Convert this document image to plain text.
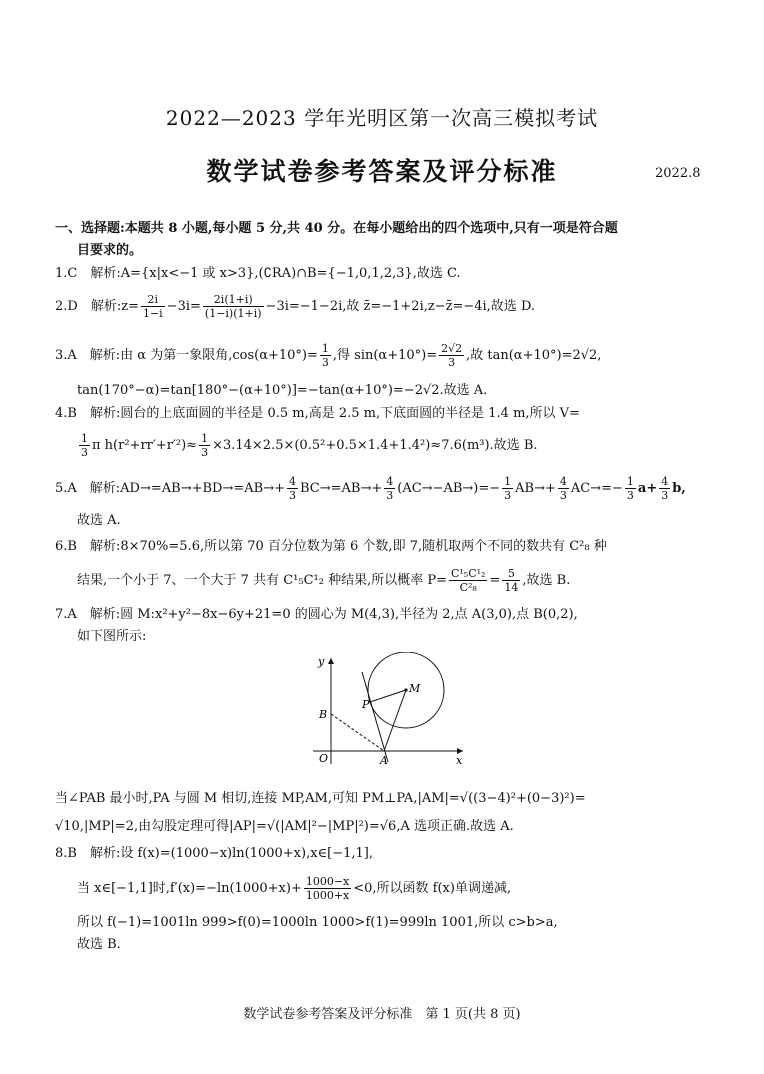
2022—2023 学年光明区第一次高三模拟考试
数学试卷参考答案及评分标准	2022.8
一、选择题:本题共 8 小题,每小题 5 分,共 40 分。在每小题给出的四个选项中,只有一项是符合题
目要求的。
1.C　解析:A={x|x<−1 或 x>3},(∁RA)∩B={−1,0,1,2,3},故选 C.
2.D　解析:z= $\frac{2i}{1-i} -3i= \frac{2i(1+i)}{(1-i)(1+i)} -3i=-1-2i$,故 z̄=−1+2i,z−z̄=−4i,故选 D.
3.A　解析:由 α 为第一象限角$,\cos(\alpha+10^\circ)= \frac{1}{3}$ ,得 $\sin(\alpha+10^\circ)= \frac{2√2}{3}$ ,故 tan(α+10°)=2√2,
tan(170°−α)=tan[180°−(α+10°)]=−tan(α+10°)=−2√2.故选 A.
4.B　解析:圆台的上底面圆的半径是 0.5 m,高是 2.5 m,下底面圆的半径是 1.4 m,所以 V=
$\frac{1}{3}$ π $h(r^2+rr'+r'^2)\approx \frac{1}{3} \times 3.14\times 2.5\times(0.5^2+0.5\times 1.4+1.4^2)\approx 7.6(m^3)$.故选 B.
5.A　解析:AD→=AB→+BD→=AB→+ $\frac{4}{3} BC\to=AB\to+ \frac{4}{3} (AC\to-AB\to)=- \frac{1}{3} AB\to+ \frac{4}{3} AC\to=- \frac{1}{3} a+ \frac{4}{3} b$,
故选 A.
6.B　解析:8×70%=5.6,所以第 70 百分位数为第 6 个数,即 7,随机取两个不同的数共有 C²₈ 种
结果,一个小于 7、一个大于 7 共有 C¹₅C¹₂ 种结果,所以概率 $P= \frac{\text{C¹₅C¹₂}}{\text{C²₈}} = \frac{5}{14}$ ,故选 B.
7.A　解析:圆 M:x²+y²−8x−6y+21=0 的圆心为 M(4,3),半径为 2,点 A(3,0),点 B(0,2),
如下图所示:
y
x
O	A
B
M
P
当∠PAB 最小时,PA 与圆 M 相切,连接 MP,AM,可知 PM⊥PA,|AM|=√((3−4)²+(0−3)²)=
√10,|MP|=2,由勾股定理可得|AP|=√(|AM|²−|MP|²)=√6,A 选项正确.故选 A.
8.B　解析:设 f(x)=(1000−x)ln(1000+x),x∈[−1,1],
当 x∈[−1,1]时$,f'(x)=-\ln(1000+x)+ \frac{1000-x}{1000+x} <0$,所以函数 f(x)单调递减,
所以 f(−1)=1001ln 999>f(0)=1000ln 1000>f(1)=999ln 1001,所以 c>b>a,
故选 B.
数学试卷参考答案及评分标准　第 1 页(共 8 页)
